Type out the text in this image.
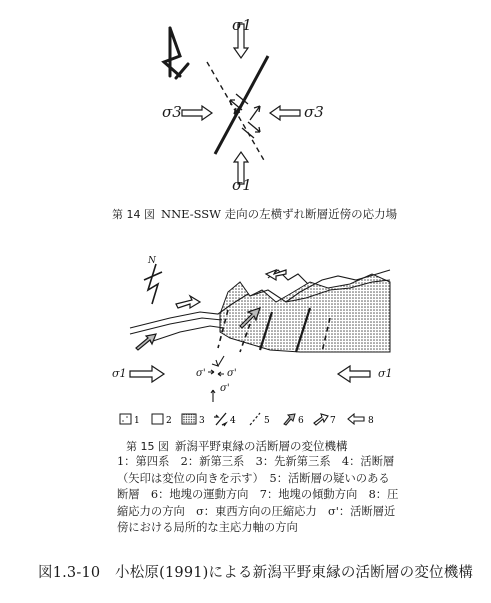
σ1
σ1
σ3	σ3
第 14 図 NNE-SSW 走向の左横ずれ断層近傍の応力場
N
σ1	σ1
σ' σ'
σ'
1	2	3	4	5	6	7	8
第 15 図 新潟平野東縁の活断層の変位機構
1：第四系　2：新第三系　3：先新第三系　4：活断層（矢印は変位の向きを示す）　5：活断層の疑いのある断層　6：地塊の運動方向　7：地塊の傾動方向　8：圧縮応力の方向　σ：東西方向の圧縮応力　σ'：活断層近傍における局所的な主応力軸の方向
図1.3-10　小松原(1991)による新潟平野東縁の活断層の変位機構
